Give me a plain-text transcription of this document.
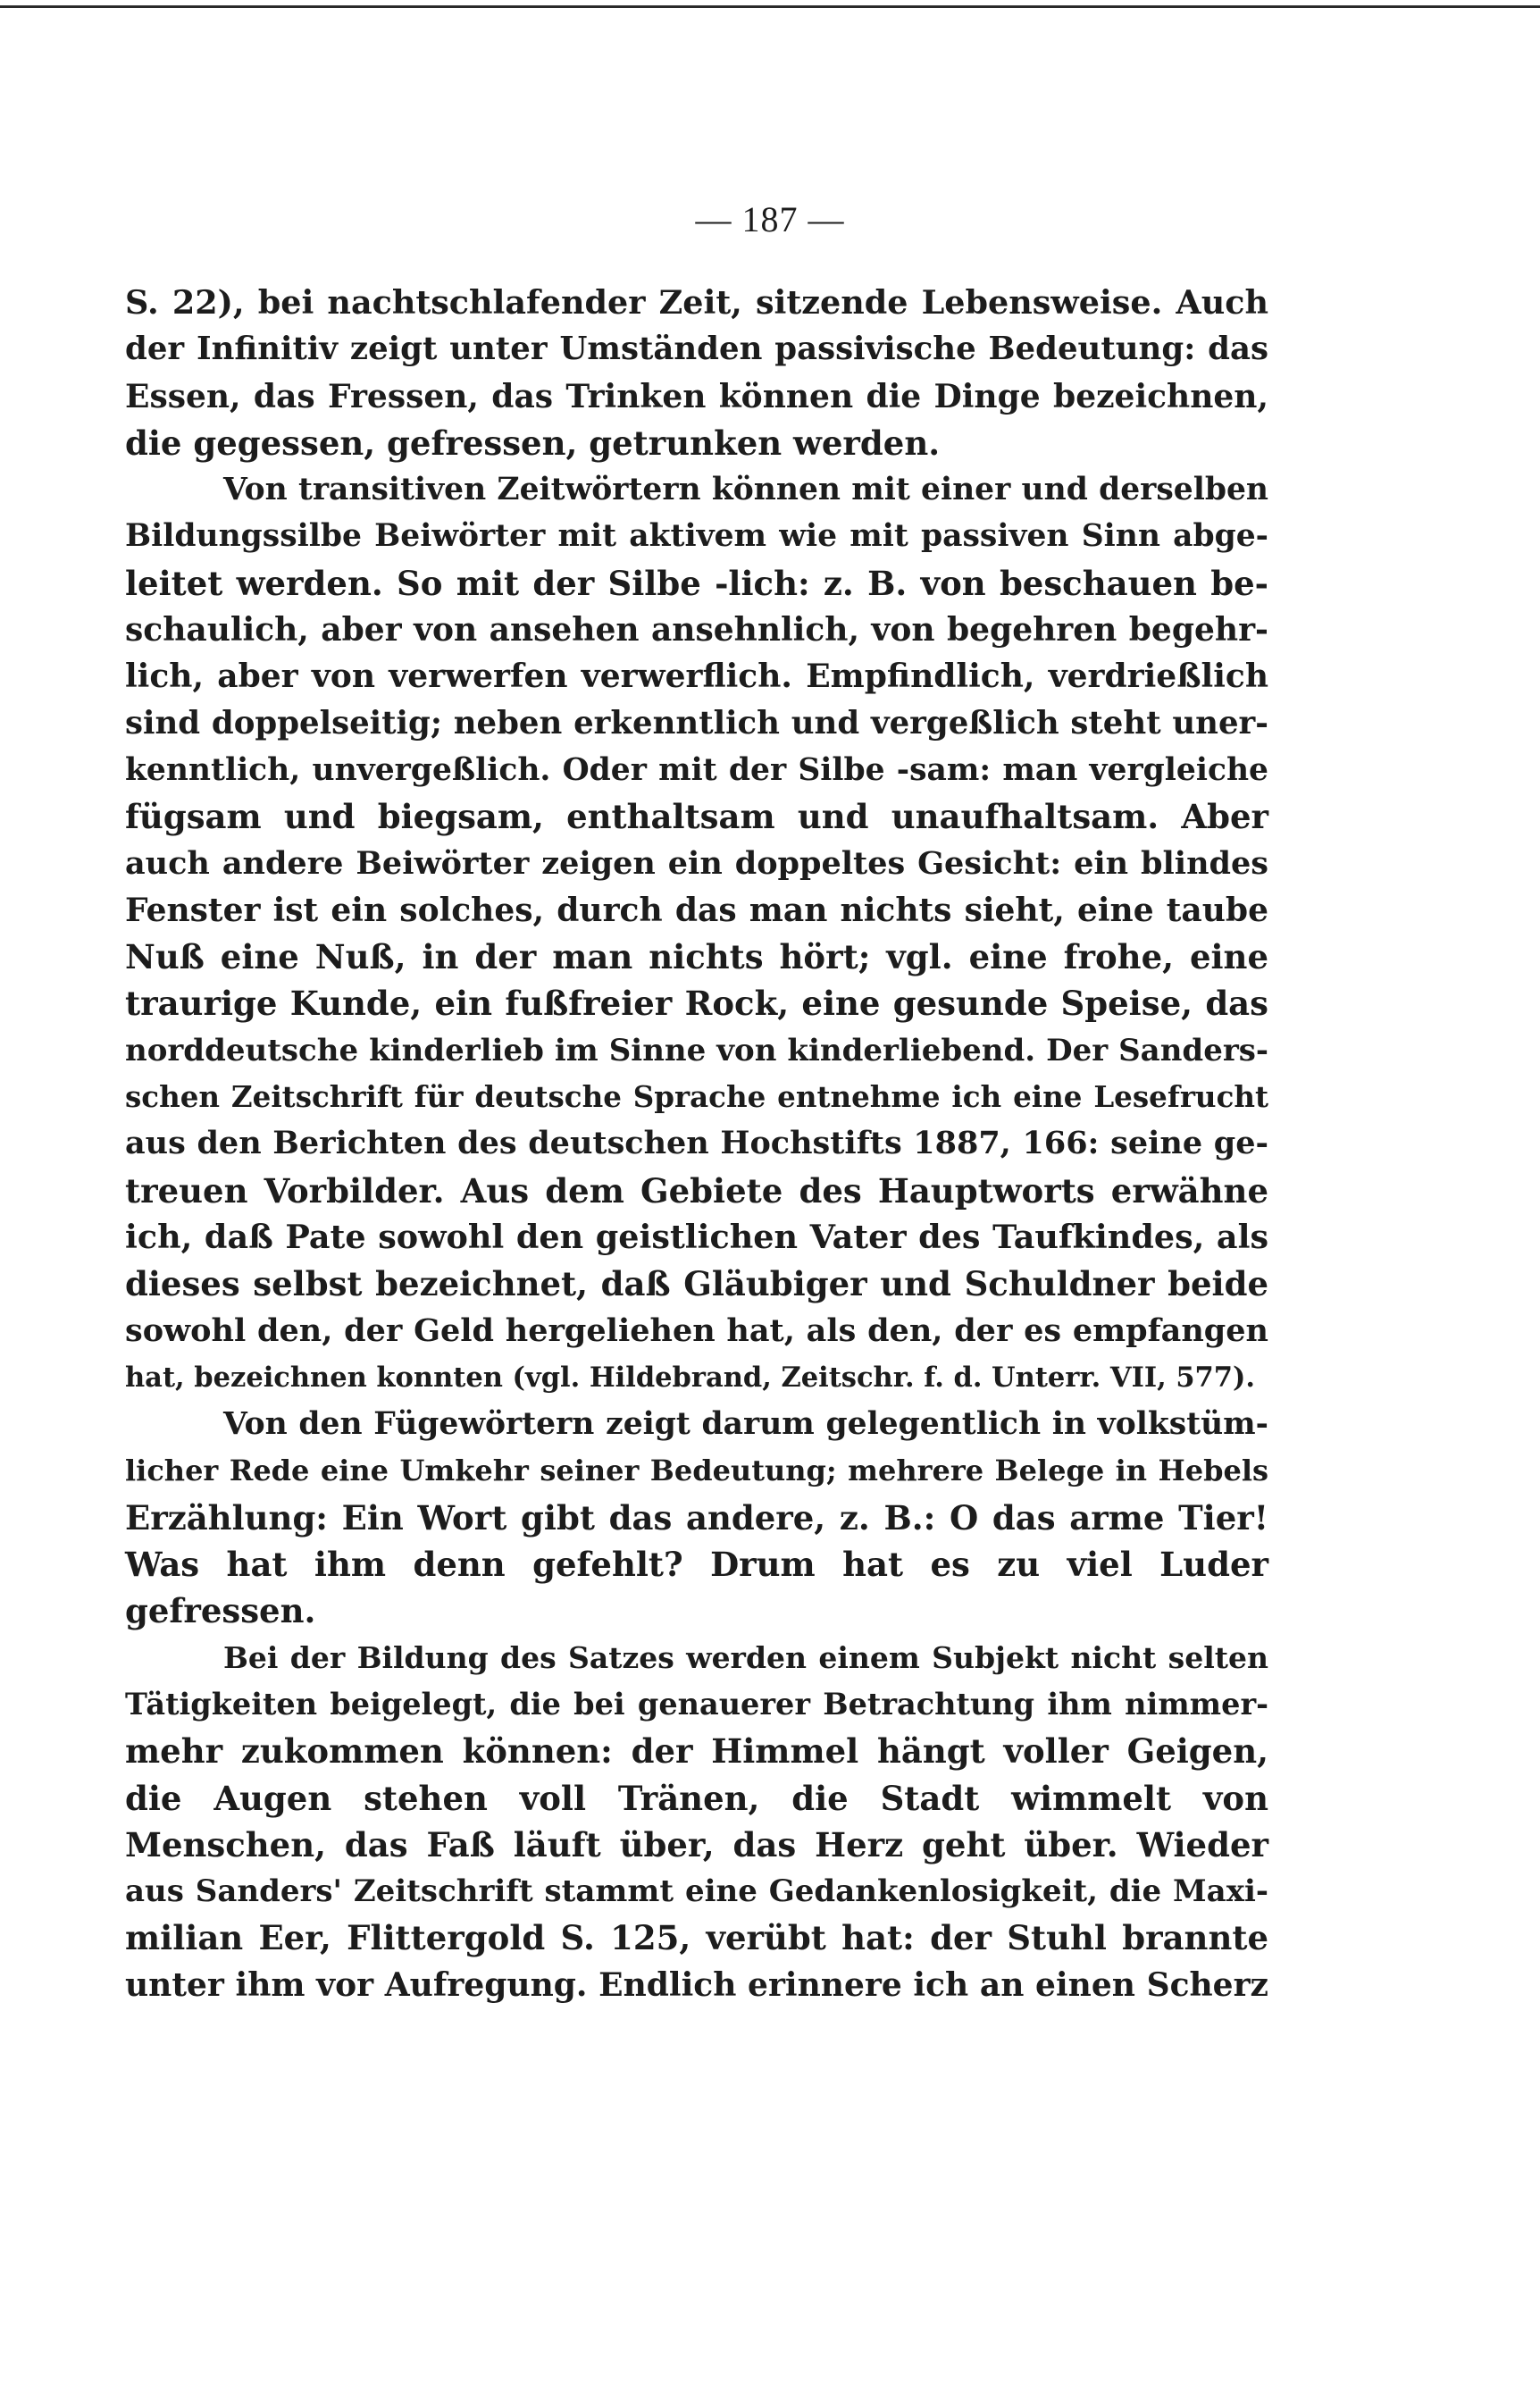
— 187 —
S. 22), bei nachtschlafender Zeit, sitzende Lebensweise. Auch
der Infinitiv zeigt unter Umständen passivische Bedeutung: das
Essen, das Fressen, das Trinken können die Dinge bezeichnen,
die gegessen, gefressen, getrunken werden.
Von transitiven Zeitwörtern können mit einer und derselben
Bildungssilbe Beiwörter mit aktivem wie mit passiven Sinn abge-
leitet werden. So mit der Silbe -lich: z. B. von beschauen be-
schaulich, aber von ansehen ansehnlich, von begehren begehr-
lich, aber von verwerfen verwerflich. Empfindlich, verdrießlich
sind doppelseitig; neben erkenntlich und vergeßlich steht uner-
kenntlich, unvergeßlich. Oder mit der Silbe -sam: man vergleiche
fügsam und biegsam, enthaltsam und unaufhaltsam. Aber
auch andere Beiwörter zeigen ein doppeltes Gesicht: ein blindes
Fenster ist ein solches, durch das man nichts sieht, eine taube
Nuß eine Nuß, in der man nichts hört; vgl. eine frohe, eine
traurige Kunde, ein fußfreier Rock, eine gesunde Speise, das
norddeutsche kinderlieb im Sinne von kinderliebend. Der Sanders-
schen Zeitschrift für deutsche Sprache entnehme ich eine Lesefrucht
aus den Berichten des deutschen Hochstifts 1887, 166: seine ge-
treuen Vorbilder. Aus dem Gebiete des Hauptworts erwähne
ich, daß Pate sowohl den geistlichen Vater des Taufkindes, als
dieses selbst bezeichnet, daß Gläubiger und Schuldner beide
sowohl den, der Geld hergeliehen hat, als den, der es empfangen
hat, bezeichnen konnten (vgl. Hildebrand, Zeitschr. f. d. Unterr. VII, 577).
Von den Fügewörtern zeigt darum gelegentlich in volkstüm-
licher Rede eine Umkehr seiner Bedeutung; mehrere Belege in Hebels
Erzählung: Ein Wort gibt das andere, z. B.: O das arme Tier!
Was hat ihm denn gefehlt? Drum hat es zu viel Luder
gefressen.
Bei der Bildung des Satzes werden einem Subjekt nicht selten
Tätigkeiten beigelegt, die bei genauerer Betrachtung ihm nimmer-
mehr zukommen können: der Himmel hängt voller Geigen,
die Augen stehen voll Tränen, die Stadt wimmelt von
Menschen, das Faß läuft über, das Herz geht über. Wieder
aus Sanders' Zeitschrift stammt eine Gedankenlosigkeit, die Maxi-
milian Eer, Flittergold S. 125, verübt hat: der Stuhl brannte
unter ihm vor Aufregung. Endlich erinnere ich an einen Scherz
